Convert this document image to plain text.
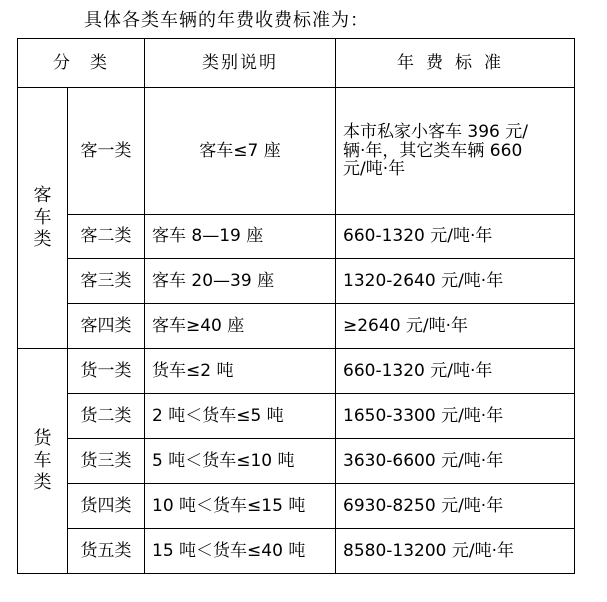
具体各类车辆的年费收费标准为：
分类		类别说明	年费标准

客
车
类	客一类	客车≤7 座	本市私家小客车 396 元/
辆·年，其它类车辆 660
元/吨·年

	客二类	客车 8—19 座	660-1320 元/吨·年
	客三类	客车 20—39 座	1320-2640 元/吨·年
	客四类	客车≥40 座	≥2640 元/吨·年

货
车
类	货一类	货车≤2 吨	660-1320 元/吨·年
	货二类	2 吨＜货车≤5 吨	1650-3300 元/吨·年
	货三类	5 吨＜货车≤10 吨	3630-6600 元/吨·年
	货四类	10 吨＜货车≤15 吨	6930-8250 元/吨·年
	货五类	15 吨＜货车≤40 吨	8580-13200 元/吨·年
